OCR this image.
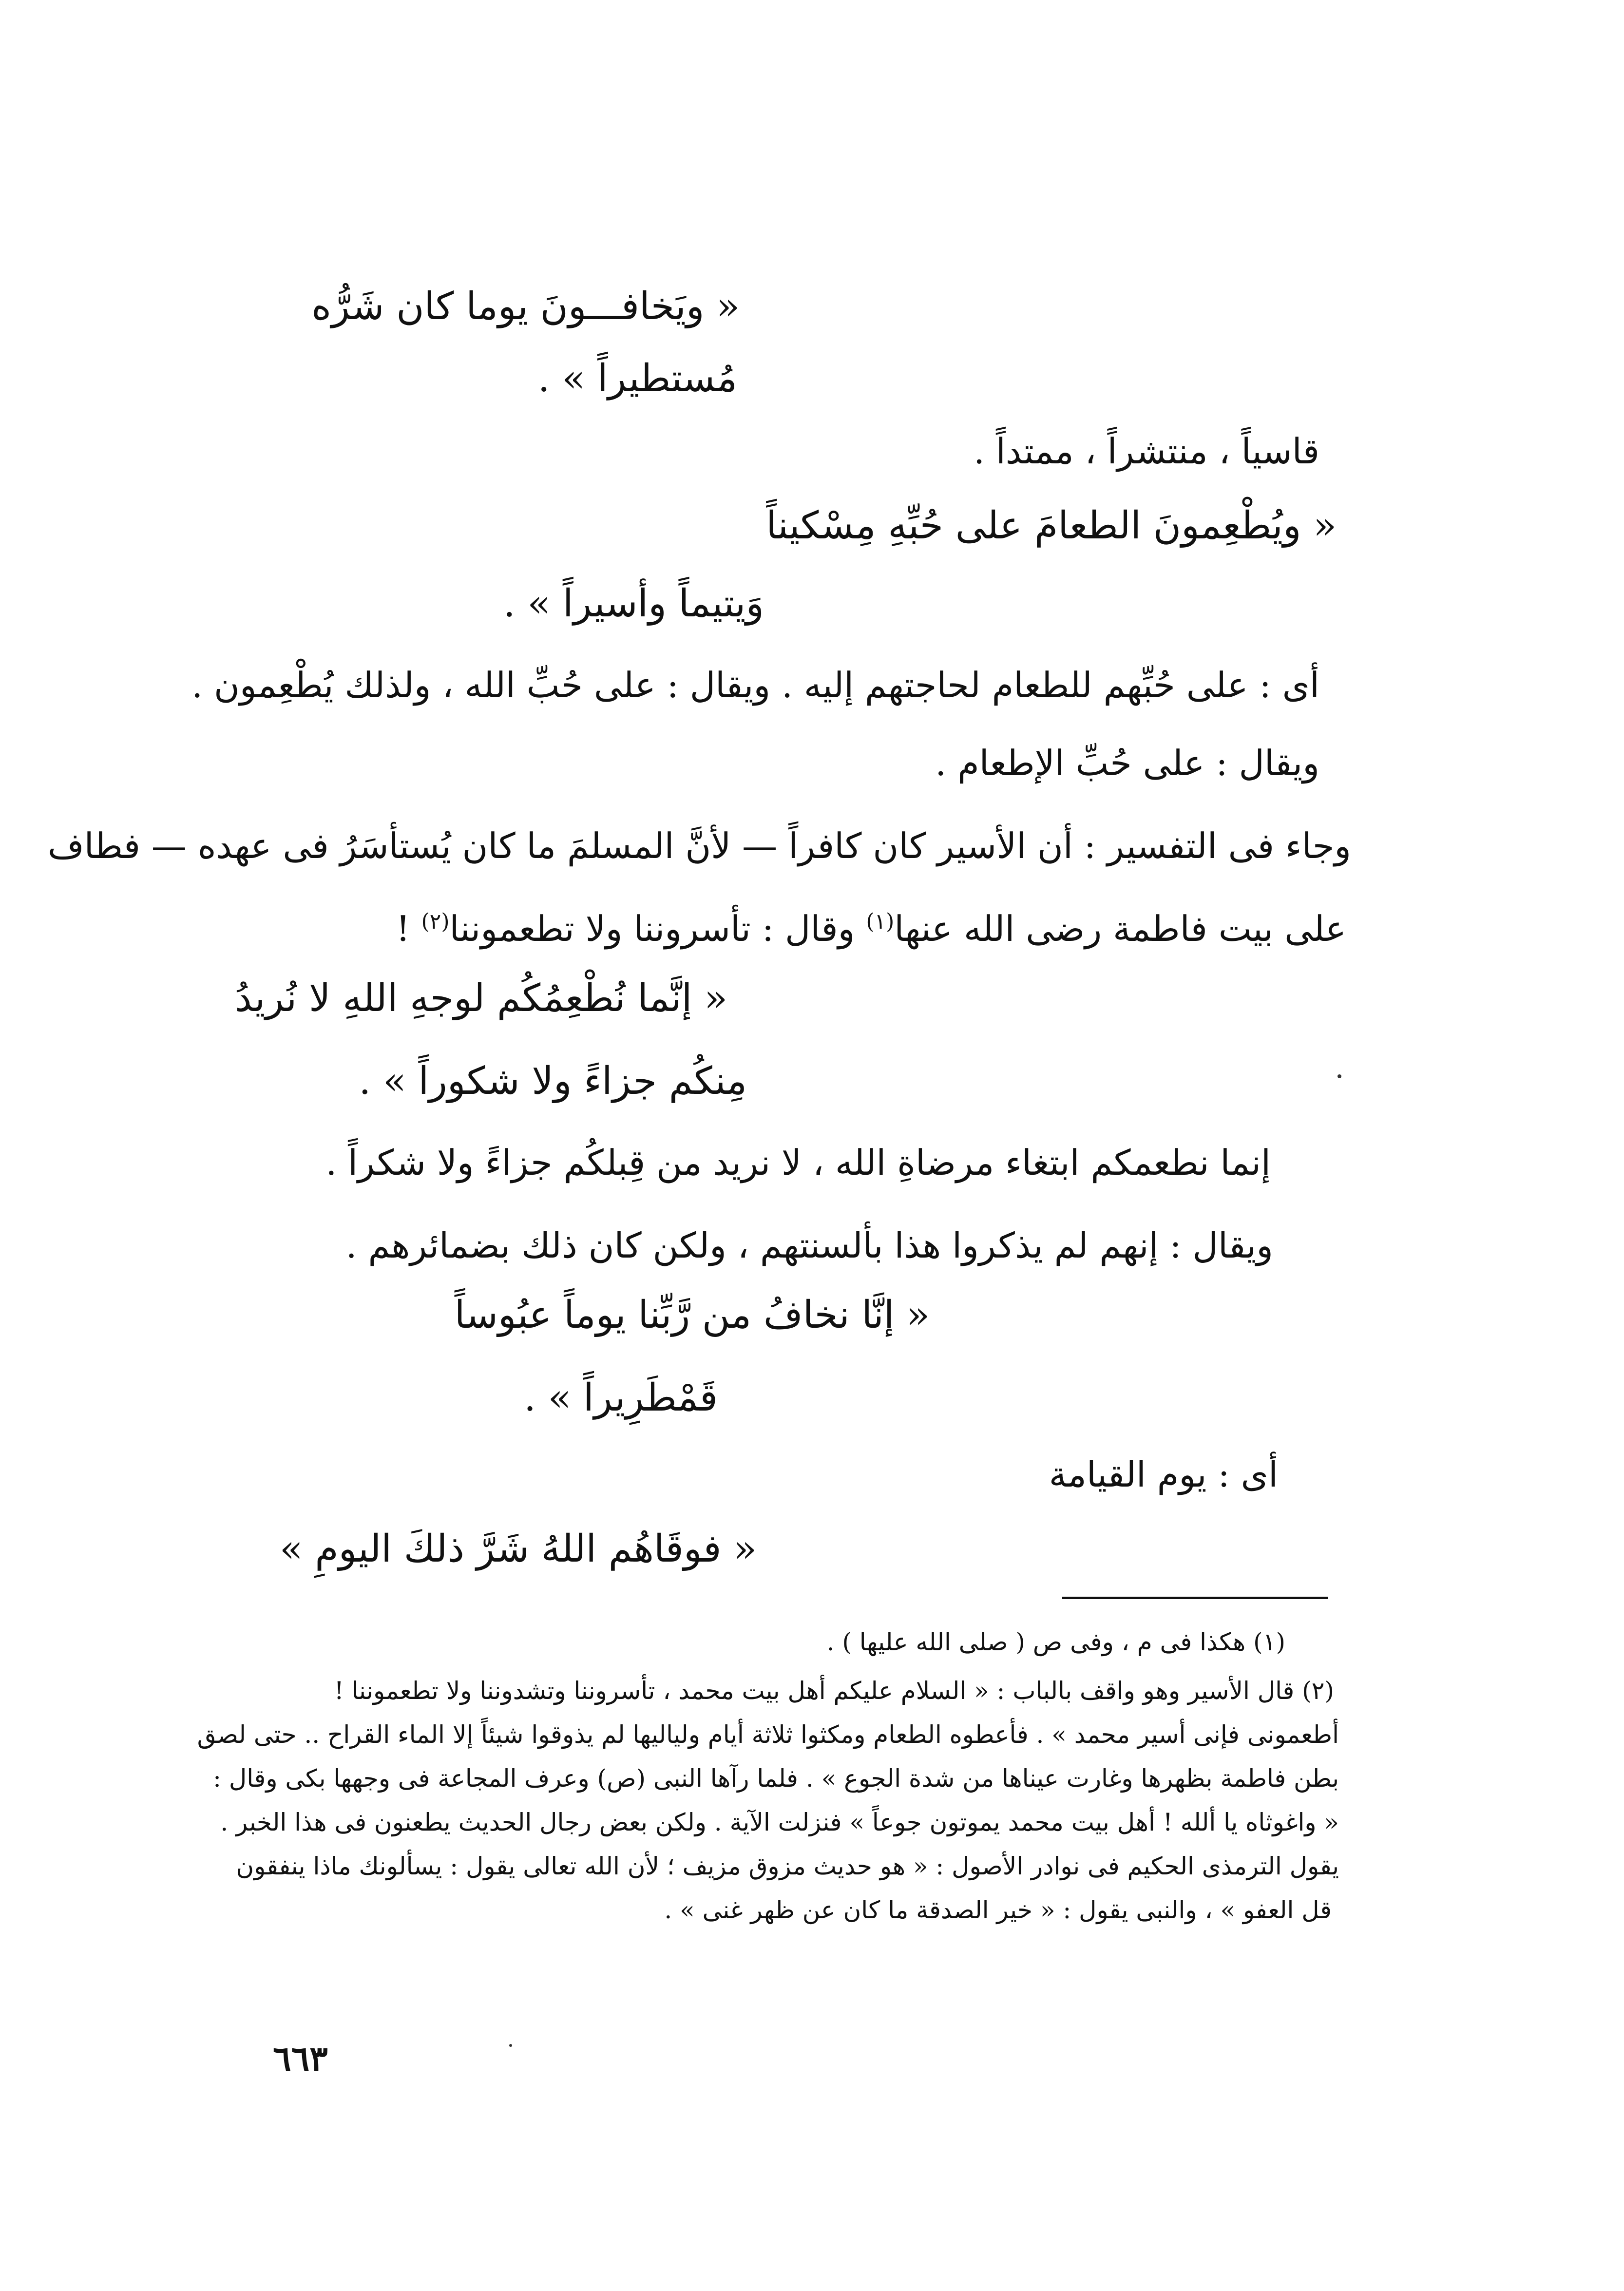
« ويَخافـــونَ يوما كان شَرُّه

مُستطيراً » .

قاسياً ، منتشراً ، ممتداً .

« ويُطْعِمونَ الطعامَ على حُبِّهِ مِسْكيناً

وَيتيماً وأسيراً » .

أى : على حُبِّهم للطعام لحاجتهم إليه . ويقال : على حُبِّ الله ، ولذلك يُطْعِمون .

ويقال : على حُبِّ الإطعام .

وجاء فى التفسير : أن الأسير كان كافراً — لأنَّ المسلمَ ما كان يُستأسَرُ فى عهده — فطاف

على بيت فاطمة رضى الله عنها$^{(١)}$ وقال : تأسروننا ولا تطعموننا$^{(٢)}$ !

« إنَّما نُطْعِمُكُم لوجهِ اللهِ لا نُريدُ

مِنكُم جزاءً ولا شكوراً » .

إنما نطعمكم ابتغاء مرضاةِ الله ، لا نريد من قِبلكُم جزاءً ولا شكراً .

ويقال : إنهم لم يذكروا هذا بألسنتهم ، ولكن كان ذلك بضمائرهم .

« إنَّا نخافُ من رَّبِّنا يوماً عبُوساً

قَمْطَرِيراً » .

أى : يوم القيامة

« فوقَاهُم اللهُ شَرَّ ذلكَ اليومِ »

(١) هكذا فى م ، وفى ص ( صلى الله عليها ) .

(٢) قال الأسير وهو واقف بالباب : « السلام عليكم أهل بيت محمد ، تأسروننا وتشدوننا ولا تطعموننا !

أطعمونى فإنى أسير محمد » . فأعطوه الطعام ومكثوا ثلاثة أيام ولياليها لم يذوقوا شيئاً إلا الماء القراح .. حتى لصق

بطن فاطمة بظهرها وغارت عيناها من شدة الجوع » . فلما رآها النبى (ص) وعرف المجاعة فى وجهها بكى وقال :

« واغوثاه يا ألله ! أهل بيت محمد يموتون جوعاً » فنزلت الآية . ولكن بعض رجال الحديث يطعنون فى هذا الخبر .

يقول الترمذى الحكيم فى نوادر الأصول : « هو حديث مزوق مزيف ؛ لأن الله تعالى يقول : يسألونك ماذا ينفقون

قل العفو » ، والنبى يقول : « خير الصدقة ما كان عن ظهر غنى » .

٦٦٣
